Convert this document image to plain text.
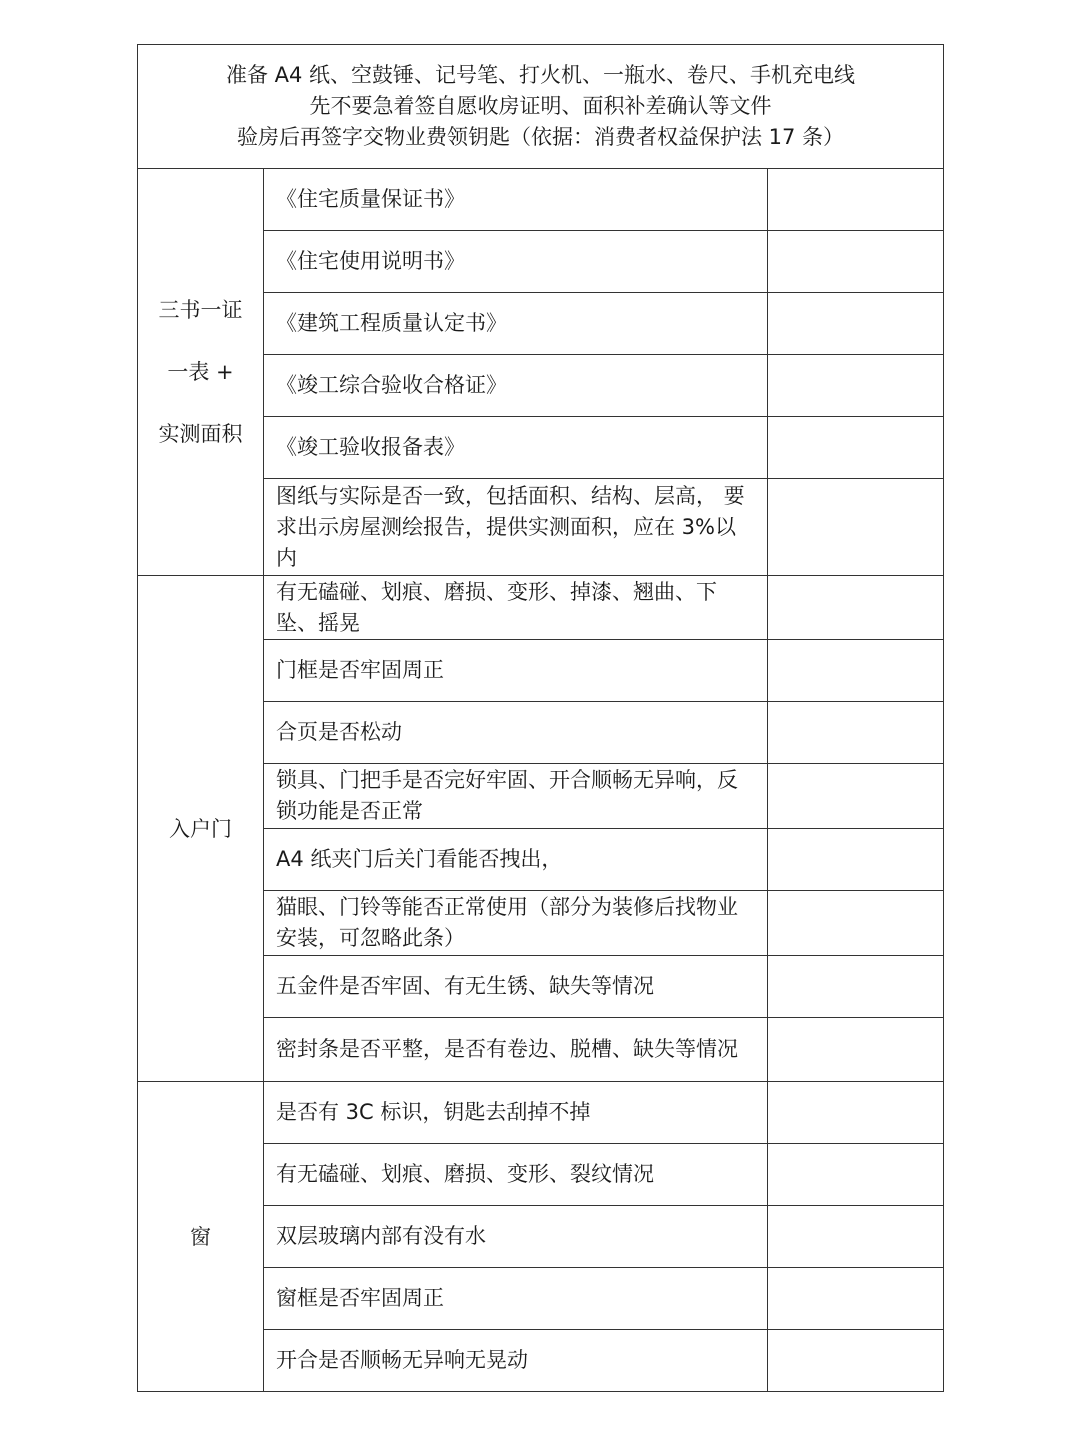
准备 A4 纸、空鼓锤、记号笔、打火机、一瓶水、卷尺、手机充电线
先不要急着签自愿收房证明、面积补差确认等文件
验房后再签字交物业费领钥匙（依据：消费者权益保护法 17 条）		

三书一证
一表 +
实测面积	《住宅质量保证书》	
	《住宅使用说明书》	
	《建筑工程质量认定书》	
	《竣工综合验收合格证》	
	《竣工验收报备表》	
	图纸与实际是否一致，包括面积、结构、层高， 要求出示房屋测绘报告，提供实测面积，应在 3%以内	

入户门	有无磕碰、划痕、磨损、变形、掉漆、翘曲、下坠、摇晃	
	门框是否牢固周正	
	合页是否松动	
	锁具、门把手是否完好牢固、开合顺畅无异响，反锁功能是否正常	
	A4 纸夹门后关门看能否拽出，	
	猫眼、门铃等能否正常使用（部分为装修后找物业安装，可忽略此条）	
	五金件是否牢固、有无生锈、缺失等情况	
	密封条是否平整，是否有卷边、脱槽、缺失等情况	

窗	是否有 3C 标识，钥匙去刮掉不掉	
	有无磕碰、划痕、磨损、变形、裂纹情况	
	双层玻璃内部有没有水	
	窗框是否牢固周正	
	开合是否顺畅无异响无晃动	
